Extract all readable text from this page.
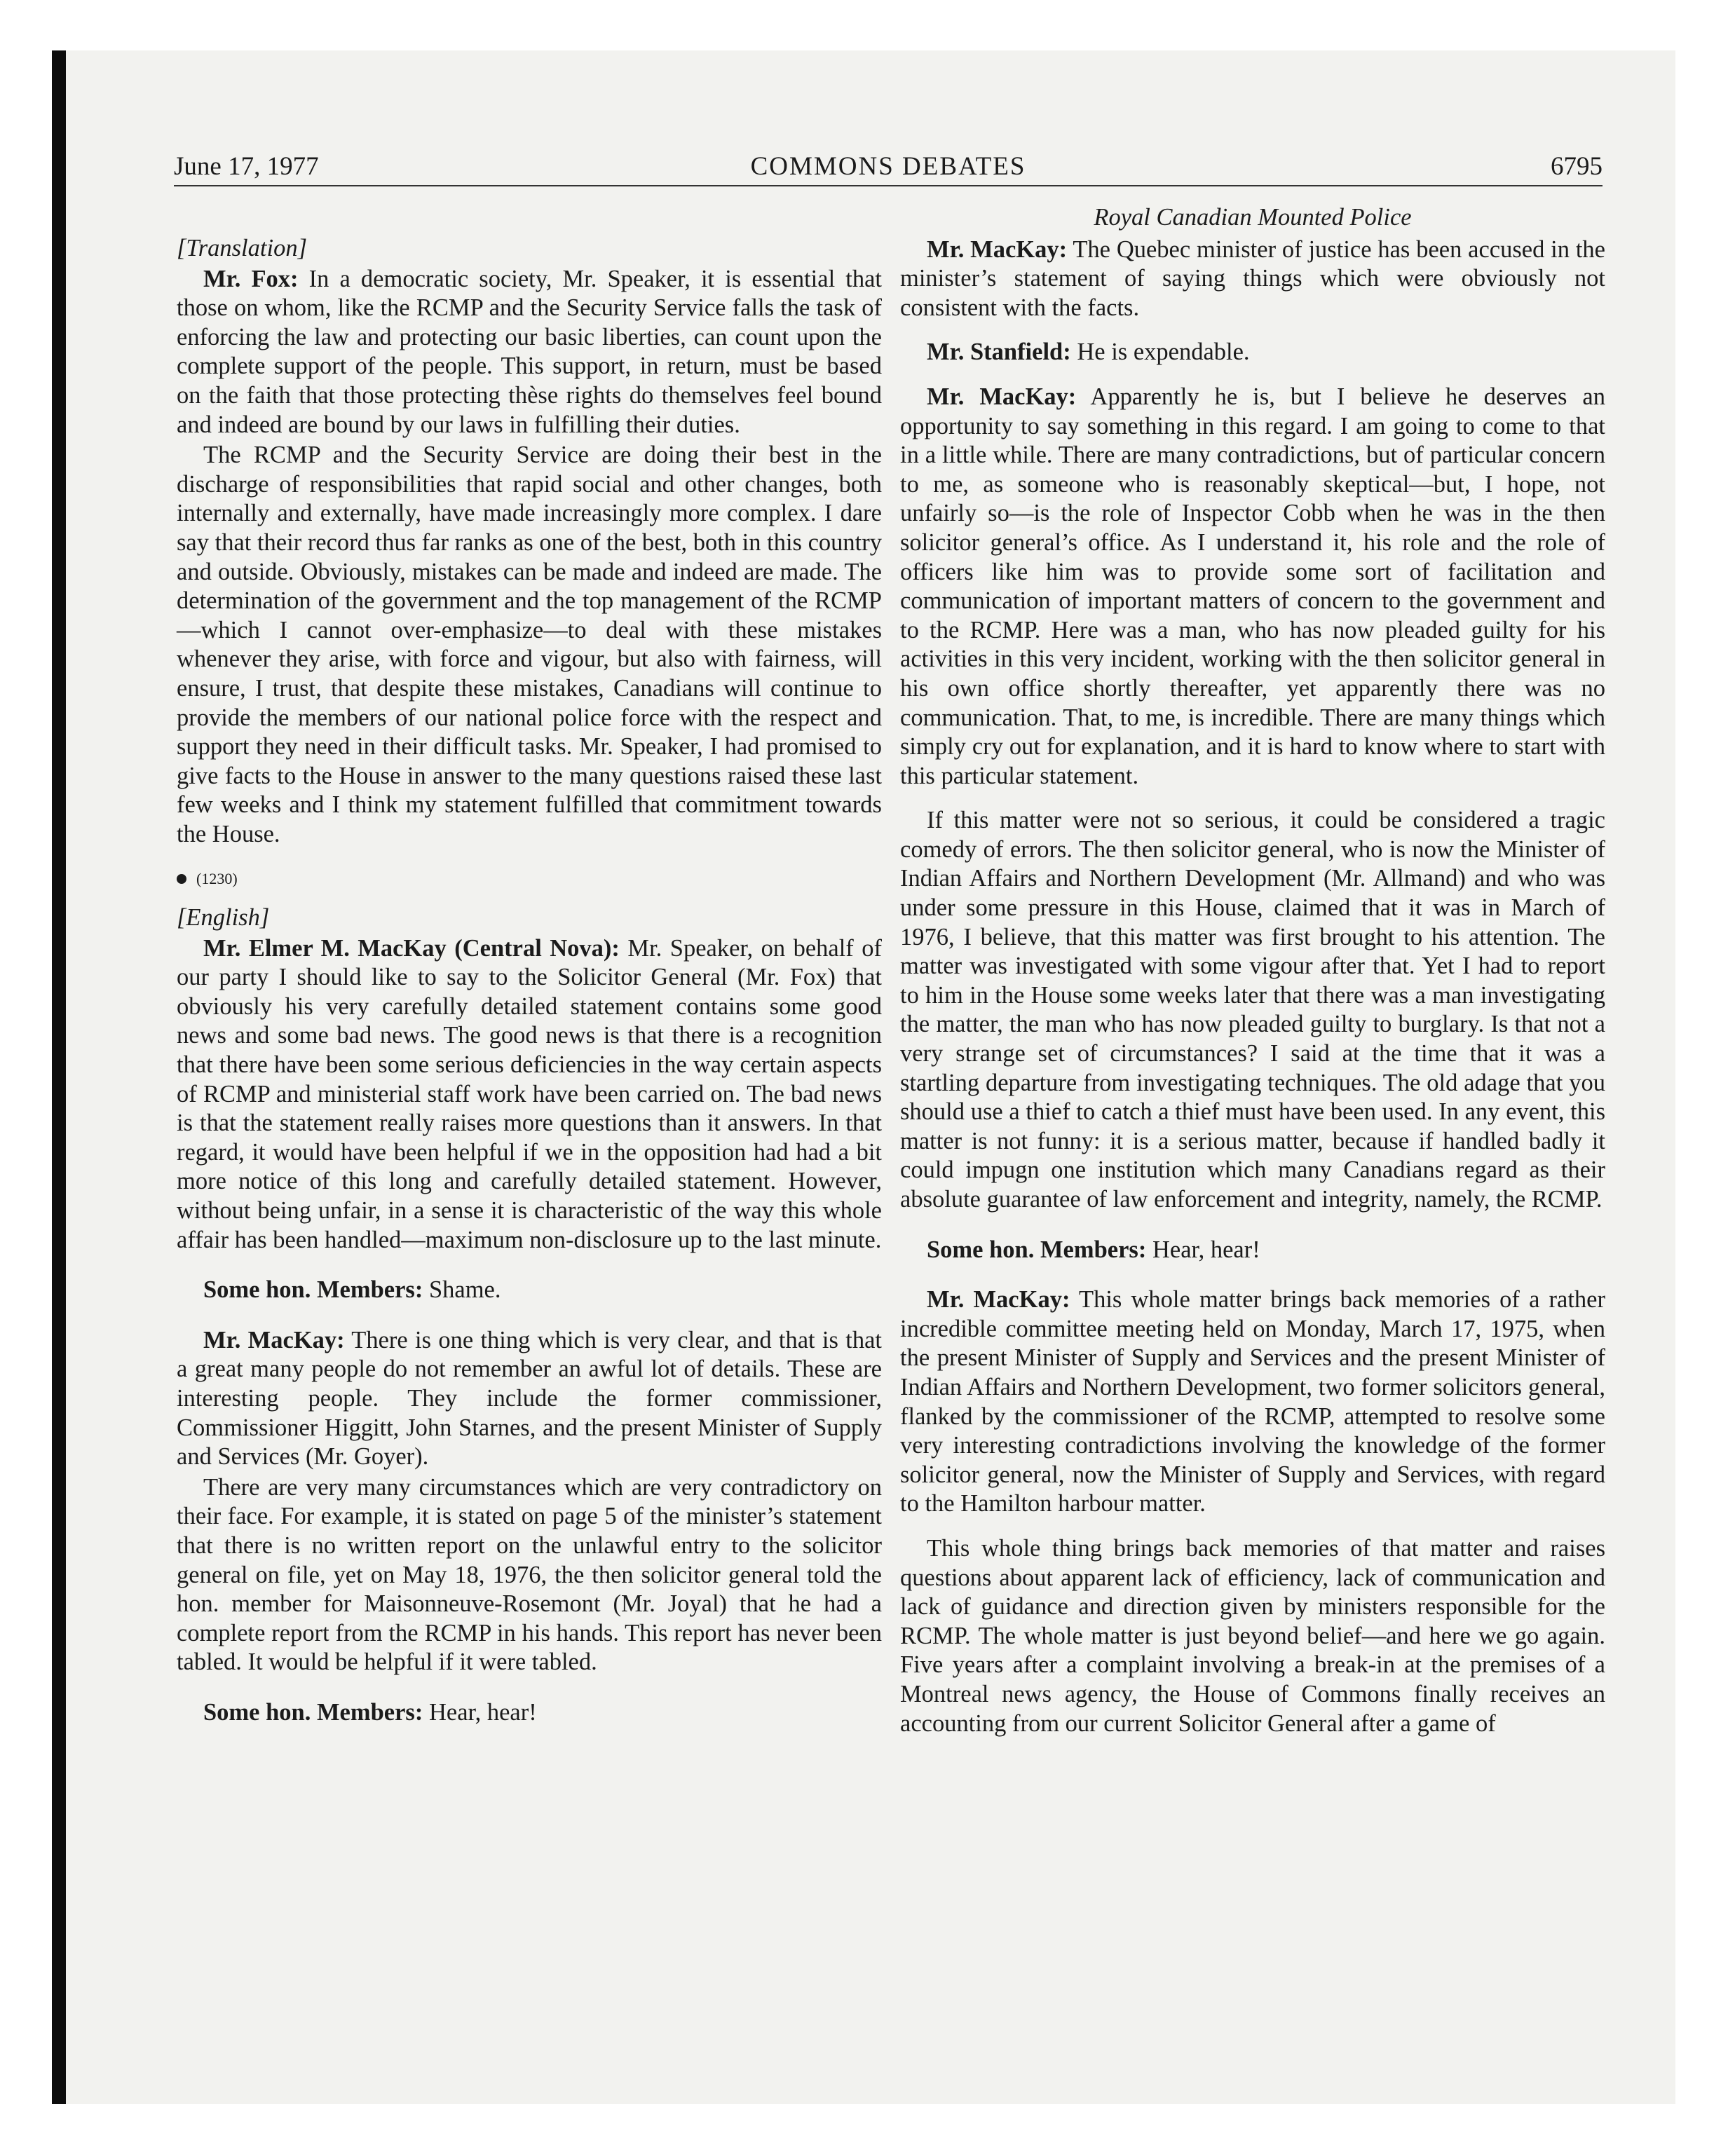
June 17, 1977	COMMONS DEBATES	6795

[Translation]

Mr. Fox: In a democratic society, Mr. Speaker, it is essential that those on whom, like the RCMP and the Security Service falls the task of enforcing the law and protecting our basic liberties, can count upon the complete support of the people. This support, in return, must be based on the faith that those protecting thèse rights do themselves feel bound and indeed are bound by our laws in fulfilling their duties.

The RCMP and the Security Service are doing their best in the discharge of responsibilities that rapid social and other changes, both internally and externally, have made increasingly more complex. I dare say that their record thus far ranks as one of the best, both in this country and outside. Obviously, mistakes can be made and indeed are made. The determination of the government and the top management of the RCMP—which I cannot over-emphasize—to deal with these mistakes whenever they arise, with force and vigour, but also with fairness, will ensure, I trust, that despite these mistakes, Canadians will continue to provide the members of our national police force with the respect and support they need in their difficult tasks. Mr. Speaker, I had promised to give facts to the House in answer to the many questions raised these last few weeks and I think my statement fulfilled that commitment towards the House.

(1230)

[English]

Mr. Elmer M. MacKay (Central Nova): Mr. Speaker, on behalf of our party I should like to say to the Solicitor General (Mr. Fox) that obviously his very carefully detailed statement contains some good news and some bad news. The good news is that there is a recognition that there have been some serious deficiencies in the way certain aspects of RCMP and ministerial staff work have been carried on. The bad news is that the statement really raises more questions than it answers. In that regard, it would have been helpful if we in the opposition had had a bit more notice of this long and carefully detailed statement. However, without being unfair, in a sense it is characteristic of the way this whole affair has been handled—maximum non-disclosure up to the last minute.

Some hon. Members: Shame.

Mr. MacKay: There is one thing which is very clear, and that is that a great many people do not remember an awful lot of details. These are interesting people. They include the former commissioner, Commissioner Higgitt, John Starnes, and the present Minister of Supply and Services (Mr. Goyer).

There are very many circumstances which are very contradictory on their face. For example, it is stated on page 5 of the minister’s statement that there is no written report on the unlawful entry to the solicitor general on file, yet on May 18, 1976, the then solicitor general told the hon. member for Maisonneuve-Rosemont (Mr. Joyal) that he had a complete report from the RCMP in his hands. This report has never been tabled. It would be helpful if it were tabled.

Some hon. Members: Hear, hear!

Royal Canadian Mounted Police

Mr. MacKay: The Quebec minister of justice has been accused in the minister’s statement of saying things which were obviously not consistent with the facts.

Mr. Stanfield: He is expendable.

Mr. MacKay: Apparently he is, but I believe he deserves an opportunity to say something in this regard. I am going to come to that in a little while. There are many contradictions, but of particular concern to me, as someone who is reasonably skeptical—but, I hope, not unfairly so—is the role of Inspector Cobb when he was in the then solicitor general’s office. As I understand it, his role and the role of officers like him was to provide some sort of facilitation and communication of important matters of concern to the government and to the RCMP. Here was a man, who has now pleaded guilty for his activities in this very incident, working with the then solicitor general in his own office shortly thereafter, yet apparently there was no communication. That, to me, is incredible. There are many things which simply cry out for explanation, and it is hard to know where to start with this particular statement.

If this matter were not so serious, it could be considered a tragic comedy of errors. The then solicitor general, who is now the Minister of Indian Affairs and Northern Development (Mr. Allmand) and who was under some pressure in this House, claimed that it was in March of 1976, I believe, that this matter was first brought to his attention. The matter was investigated with some vigour after that. Yet I had to report to him in the House some weeks later that there was a man investigating the matter, the man who has now pleaded guilty to burglary. Is that not a very strange set of circumstances? I said at the time that it was a startling departure from investigating techniques. The old adage that you should use a thief to catch a thief must have been used. In any event, this matter is not funny: it is a serious matter, because if handled badly it could impugn one institution which many Canadians regard as their absolute guarantee of law enforcement and integrity, namely, the RCMP.

Some hon. Members: Hear, hear!

Mr. MacKay: This whole matter brings back memories of a rather incredible committee meeting held on Monday, March 17, 1975, when the present Minister of Supply and Services and the present Minister of Indian Affairs and Northern Development, two former solicitors general, flanked by the commissioner of the RCMP, attempted to resolve some very interesting contradictions involving the knowledge of the former solicitor general, now the Minister of Supply and Services, with regard to the Hamilton harbour matter.

This whole thing brings back memories of that matter and raises questions about apparent lack of efficiency, lack of communication and lack of guidance and direction given by ministers responsible for the RCMP. The whole matter is just beyond belief—and here we go again. Five years after a complaint involving a break-in at the premises of a Montreal news agency, the House of Commons finally receives an accounting from our current Solicitor General after a game of
